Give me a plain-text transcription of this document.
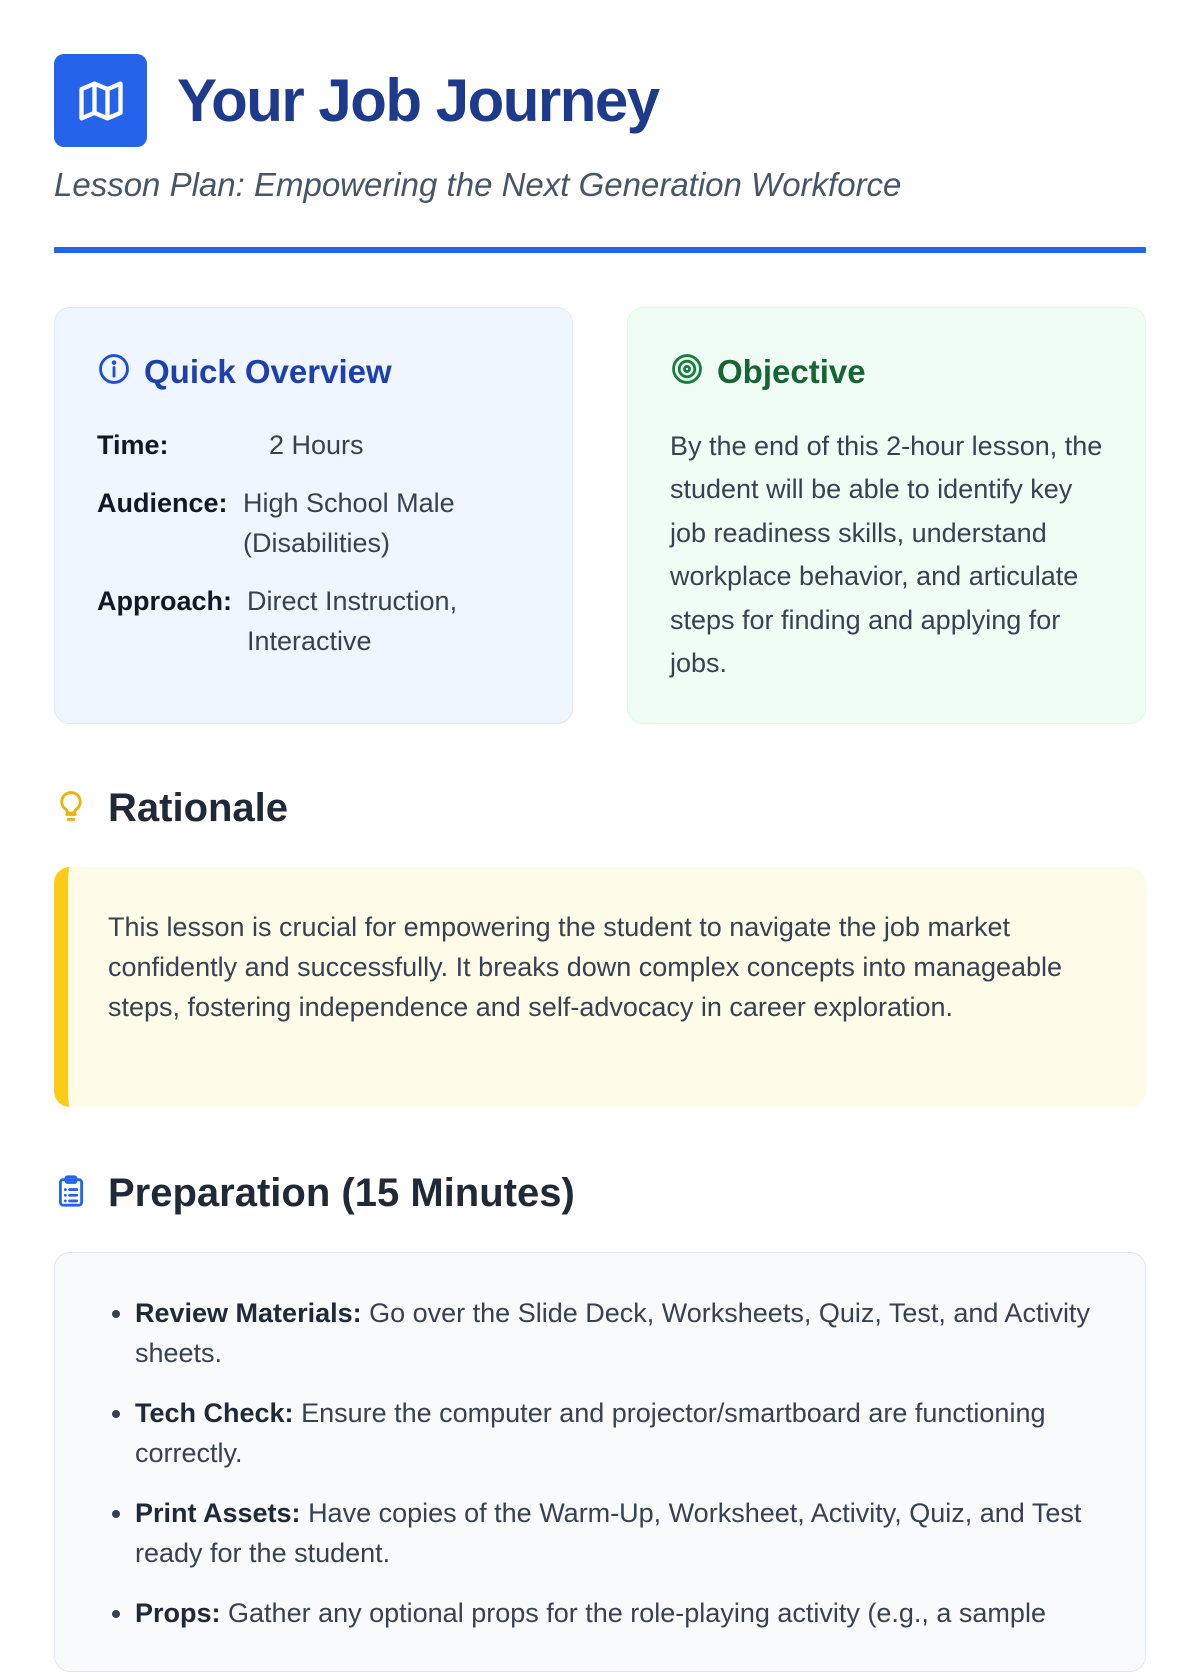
Your Job Journey

Lesson Plan: Empowering the Next Generation Workforce

Quick Overview
Time:	2 Hours
Audience: High School Male (Disabilities)
Approach: Direct Instruction, Interactive
Objective

By the end of this 2-hour lesson, the student will be able to identify key job readiness skills, understand workplace behavior, and articulate steps for finding and applying for jobs.

Rationale

This lesson is crucial for empowering the student to navigate the job market confidently and successfully. It breaks down complex concepts into manageable steps, fostering independence and self-advocacy in career exploration.

Preparation (15 Minutes)
• Review Materials: Go over the Slide Deck, Worksheets, Quiz, Test, and Activity sheets.
• Tech Check: Ensure the computer and projector/smartboard are functioning correctly.
• Print Assets: Have copies of the Warm-Up, Worksheet, Activity, Quiz, and Test ready for the student.
• Props: Gather any optional props for the role-playing activity (e.g., a sample
